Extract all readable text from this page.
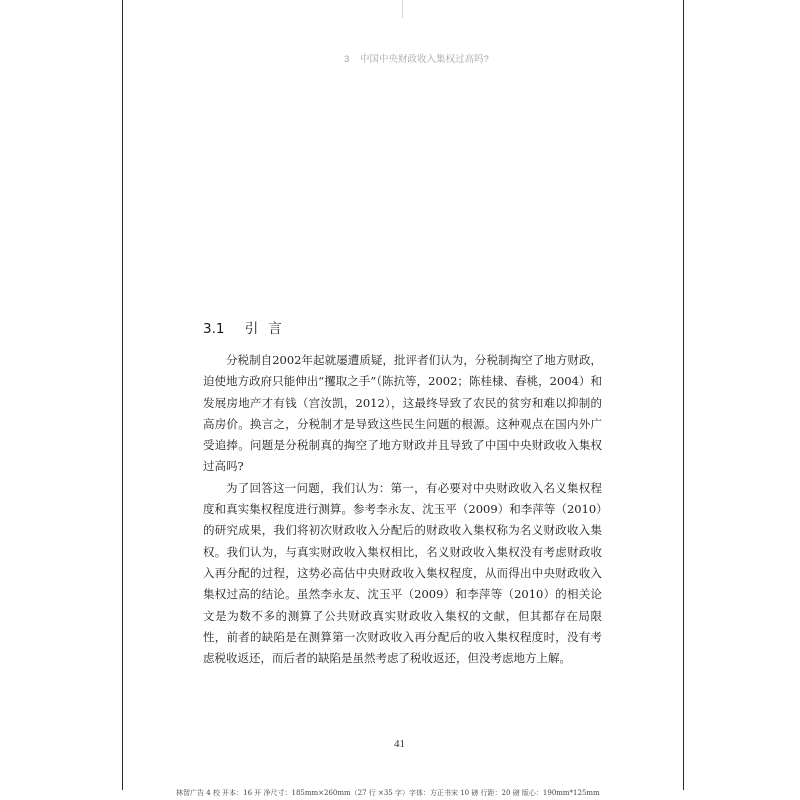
3 中国中央财政收入集权过高吗?
3.1 引言

分税制自2002年起就屡遭质疑，批评者们认为，分税制掏空了地方财政，迫使地方政府只能伸出“攫取之手”（陈抗等，2002；陈桂棣、春桃，2004）和发展房地产才有钱（宫汝凯，2012），这最终导致了农民的贫穷和难以抑制的高房价。换言之，分税制才是导致这些民生问题的根源。这种观点在国内外广受追捧。问题是分税制真的掏空了地方财政并且导致了中国中央财政收入集权过高吗?

为了回答这一问题，我们认为：第一，有必要对中央财政收入名义集权程度和真实集权程度进行测算。参考李永友、沈玉平（2009）和李萍等（2010）的研究成果，我们将初次财政收入分配后的财政收入集权称为名义财政收入集权。我们认为，与真实财政收入集权相比，名义财政收入集权没有考虑财政收入再分配的过程，这势必高估中央财政收入集权程度，从而得出中央财政收入集权过高的结论。虽然李永友、沈玉平（2009）和李萍等（2010）的相关论文是为数不多的测算了公共财政真实财政收入集权的文献，但其都存在局限性，前者的缺陷是在测算第一次财政收入再分配后的收入集权程度时，没有考虑税收返还，而后者的缺陷是虽然考虑了税收返还，但没考虑地方上解。

41
林智广告 4 校 开本：16 开 净尺寸：185mm×260mm（27 行 ×35 字）字体：方正书宋 10 磅 行距：20 磅 版心：190mm*125mm
